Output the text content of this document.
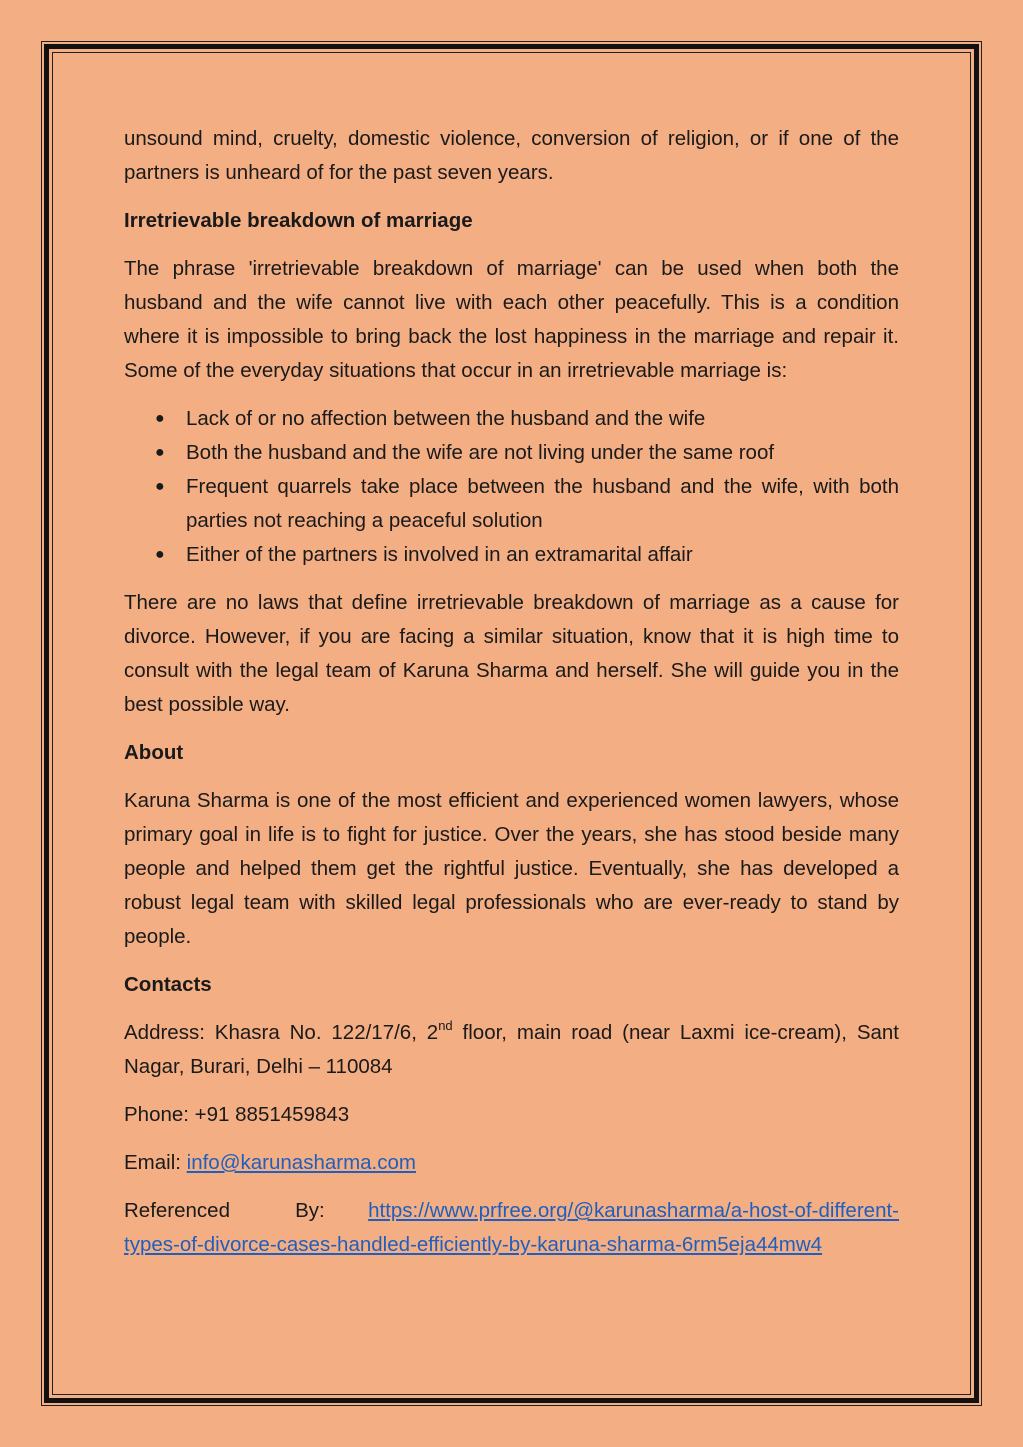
unsound mind, cruelty, domestic violence, conversion of religion, or if one of the partners is unheard of for the past seven years.

Irretrievable breakdown of marriage

The phrase 'irretrievable breakdown of marriage' can be used when both the husband and the wife cannot live with each other peacefully. This is a condition where it is impossible to bring back the lost happiness in the marriage and repair it. Some of the everyday situations that occur in an irretrievable marriage is:

● Lack of or no affection between the husband and the wife
● Both the husband and the wife are not living under the same roof
● Frequent quarrels take place between the husband and the wife, with both parties not reaching a peaceful solution
● Either of the partners is involved in an extramarital affair

There are no laws that define irretrievable breakdown of marriage as a cause for divorce. However, if you are facing a similar situation, know that it is high time to consult with the legal team of Karuna Sharma and herself. She will guide you in the best possible way.

About

Karuna Sharma is one of the most efficient and experienced women lawyers, whose primary goal in life is to fight for justice. Over the years, she has stood beside many people and helped them get the rightful justice. Eventually, she has developed a robust legal team with skilled legal professionals who are ever-ready to stand by people.

Contacts

Address: Khasra No. 122/17/6, 2nd floor, main road (near Laxmi ice-cream), Sant Nagar, Burari, Delhi – 110084

Phone: +91 8851459843

Email: info@karunasharma.com

Referenced   By:  https://www.prfree.org/@karunasharma/a-host-of-different-

types-of-divorce-cases-handled-efficiently-by-karuna-sharma-6rm5eja44mw4
